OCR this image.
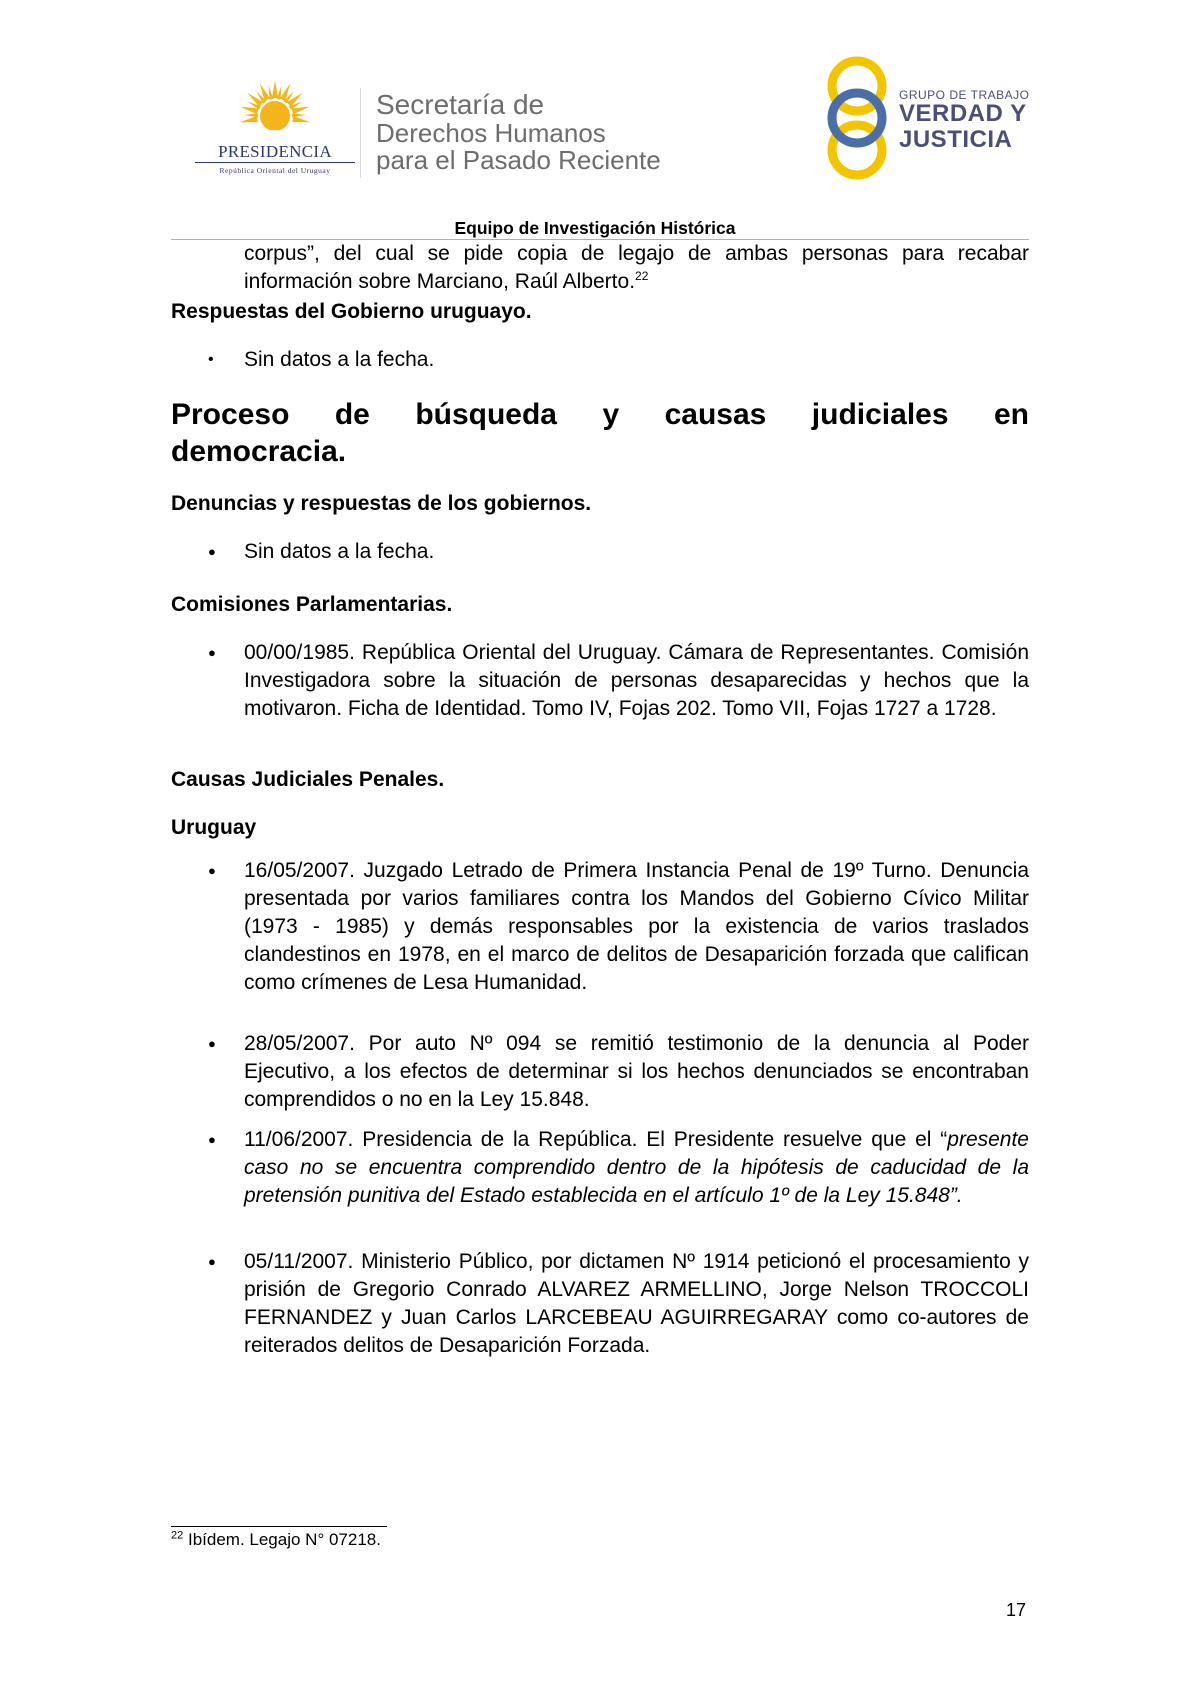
PRESIDENCIA
República Oriental del Uruguay
Secretaría de
Derechos Humanos
para el Pasado Reciente
GRUPO DE TRABAJO
VERDAD Y
JUSTICIA
Equipo de Investigación Histórica
corpus”, del cual se pide copia de legajo de ambas personas para recabar información sobre Marciano, Raúl Alberto.$^{22}$
Respuestas del Gobierno uruguayo.
•	Sin datos a la fecha.
Proceso de búsqueda y causas judiciales en
democracia.
Denuncias y respuestas de los gobiernos.
●	Sin datos a la fecha.
Comisiones Parlamentarias.
●	00/00/1985. República Oriental del Uruguay. Cámara de Representantes. Comisión Investigadora sobre la situación de personas desaparecidas y hechos que la motivaron. Ficha de Identidad. Tomo IV, Fojas 202. Tomo VII, Fojas 1727 a 1728.
Causas Judiciales Penales.
Uruguay
●	16/05/2007. Juzgado Letrado de Primera Instancia Penal de 19º Turno. Denuncia presentada por varios familiares contra los Mandos del Gobierno Cívico Militar (1973 - 1985) y demás responsables por la existencia de varios traslados clandestinos en 1978, en el marco de delitos de Desaparición forzada que califican como crímenes de Lesa Humanidad.
●	28/05/2007. Por auto Nº 094 se remitió testimonio de la denuncia al Poder Ejecutivo, a los efectos de determinar si los hechos denunciados se encontraban comprendidos o no en la Ley 15.848.
●	11/06/2007. Presidencia de la República. El Presidente resuelve que el “presente caso no se encuentra comprendido dentro de la hipótesis de caducidad de la pretensión punitiva del Estado establecida en el artículo 1º de la Ley 15.848”.
●	05/11/2007. Ministerio Público, por dictamen Nº 1914 peticionó el procesamiento y prisión de Gregorio Conrado ALVAREZ ARMELLINO, Jorge Nelson TROCCOLI FERNANDEZ y Juan Carlos LARCEBEAU AGUIRREGARAY como co-autores de reiterados delitos de Desaparición Forzada.
$^{22}$ Ibídem. Legajo N° 07218.
17
